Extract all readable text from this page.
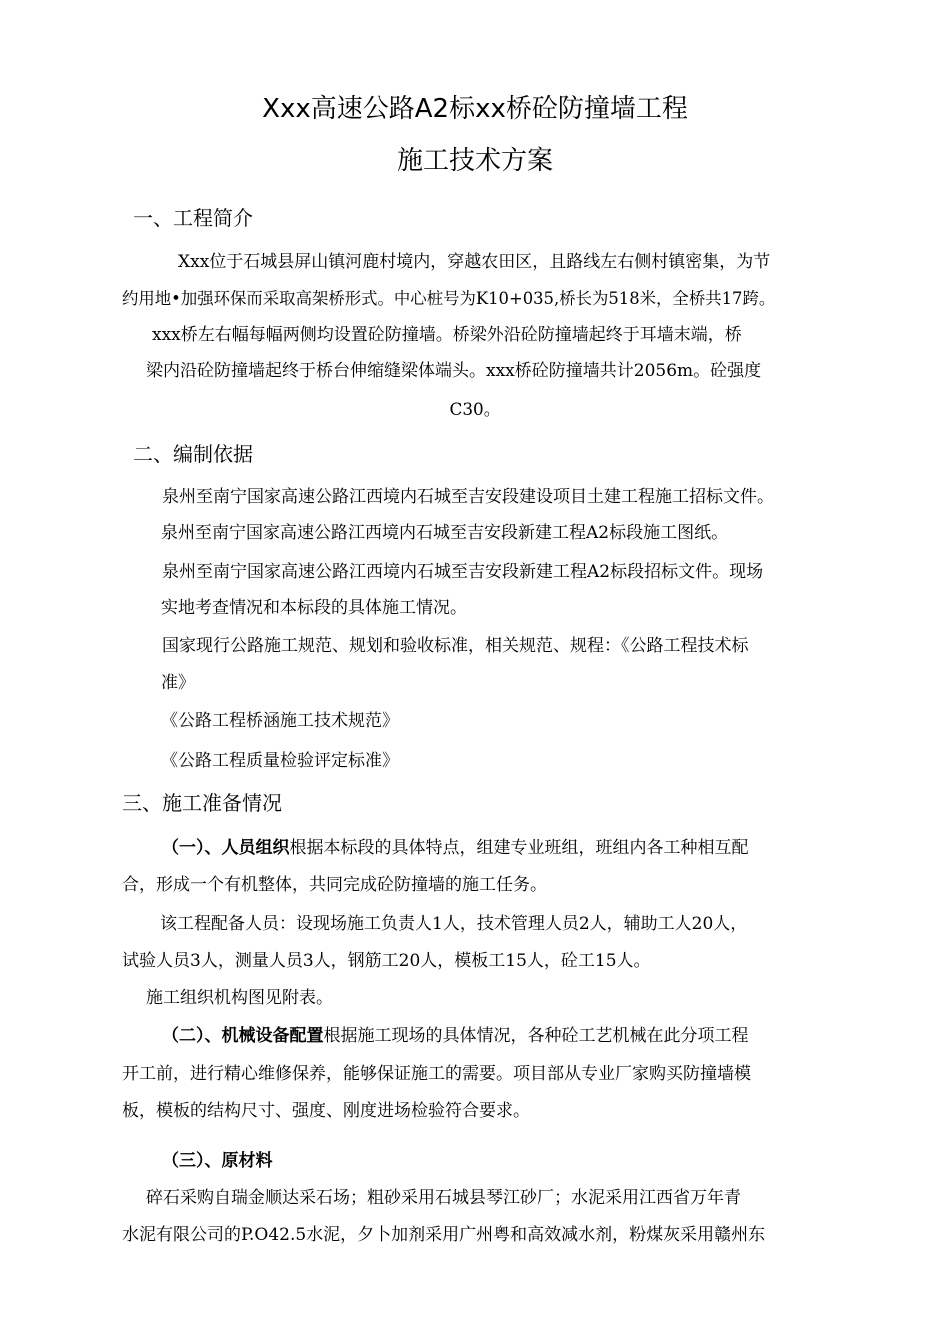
Xxx高速公路A2标xx桥砼防撞墙工程
施工技术方案
一、工程简介
Xxx位于石城县屏山镇河鹿村境内，穿越农田区，且路线左右侧村镇密集，为节
约用地•加强环保而采取高架桥形式。中心桩号为K10+035,桥长为518米，全桥共17跨。
xxx桥左右幅每幅两侧均设置砼防撞墙。桥梁外沿砼防撞墙起终于耳墙末端，桥
梁内沿砼防撞墙起终于桥台伸缩缝梁体端头。xxx桥砼防撞墙共计2056m。砼强度
C30。
二、编制依据
泉州至南宁国家高速公路江西境内石城至吉安段建设项目土建工程施工招标文件。
泉州至南宁国家高速公路江西境内石城至吉安段新建工程A2标段施工图纸。
泉州至南宁国家高速公路江西境内石城至吉安段新建工程A2标段招标文件。现场
实地考查情况和本标段的具体施工情况。
国家现行公路施工规范、规划和验收标准，相关规范、规程：《公路工程技术标
准》
《公路工程桥涵施工技术规范》
《公路工程质量检验评定标准》
三、施工准备情况
（一）、人员组织根据本标段的具体特点，组建专业班组，班组内各工种相互配
合，形成一个有机整体，共同完成砼防撞墙的施工任务。
该工程配备人员：设现场施工负责人1人，技术管理人员2人，辅助工人20人，
试验人员3人，测量人员3人，钢筋工20人，模板工15人，砼工15人。
施工组织机构图见附表。
（二）、机械设备配置根据施工现场的具体情况，各种砼工艺机械在此分项工程
开工前，进行精心维修保养，能够保证施工的需要。项目部从专业厂家购买防撞墙模
板，模板的结构尺寸、强度、刚度进场检验符合要求。
（三）、原材料
碎石采购自瑞金顺达采石场；粗砂采用石城县琴江砂厂；水泥采用江西省万年青
水泥有限公司的P.O42.5水泥，夕卜加剂采用广州粤和高效减水剂，粉煤灰采用赣州东
